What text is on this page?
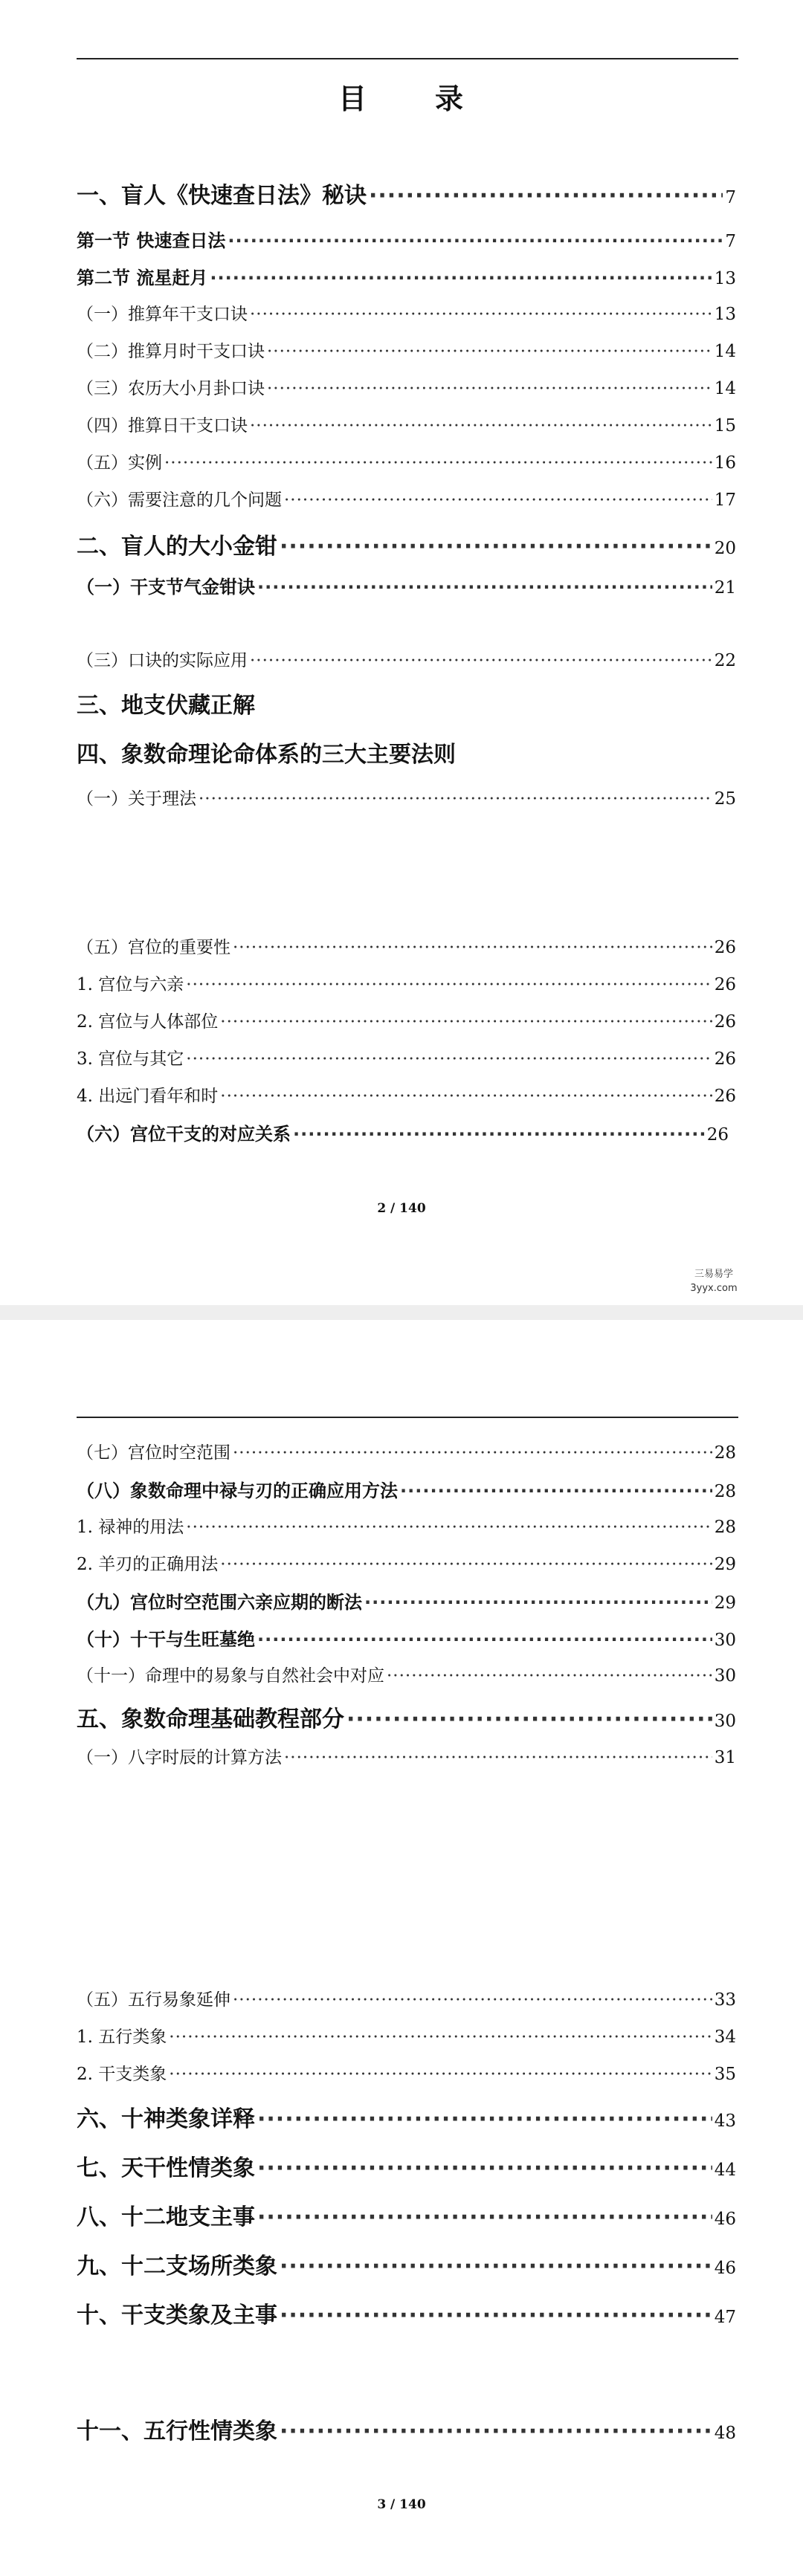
目 录
一、盲人《快速查日法》秘诀 ·····	7
第一节 快速查日法 ·····	7
第二节 流星赶月 ·····	13
（一）推算年干支口诀 ·····	13
（二）推算月时干支口诀 ·····	14
（三）农历大小月卦口诀 ·····	14
（四）推算日干支口诀 ·····	15
（五）实例 ·····	16
（六）需要注意的几个问题 ·····	17
二、盲人的大小金钳 ·····	20
（一）干支节气金钳诀 ·····	21
（三）口诀的实际应用 ·····	22
三、地支伏藏正解
四、象数命理论命体系的三大主要法则
（一）关于理法 ·····	25
（五）宫位的重要性 ·····	26
1. 宫位与六亲 ·····	26
2. 宫位与人体部位 ·····	26
3. 宫位与其它 ·····	26
4. 出远门看年和时 ·····	26
（六）宫位干支的对应关系 ·····	26
2 / 140
三易易学
3yyx.com
（七）宫位时空范围 ·····	28
（八）象数命理中禄与刃的正确应用方法 ·····	28
1. 禄神的用法 ·····	28
2. 羊刃的正确用法 ·····	29
（九）宫位时空范围六亲应期的断法 ·····	29
（十）十干与生旺墓绝 ·····	30
（十一）命理中的易象与自然社会中对应 ·····	30
五、象数命理基础教程部分 ·····	30
（一）八字时辰的计算方法 ·····	31
（五）五行易象延伸 ·····	33
1. 五行类象 ·····	34
2. 干支类象 ·····	35
六、十神类象详释 ·····	43
七、天干性情类象 ·····	44
八、十二地支主事 ·····	46
九、十二支场所类象 ·····	46
十、干支类象及主事 ·····	47
十一、五行性情类象 ·····	48
3 / 140
